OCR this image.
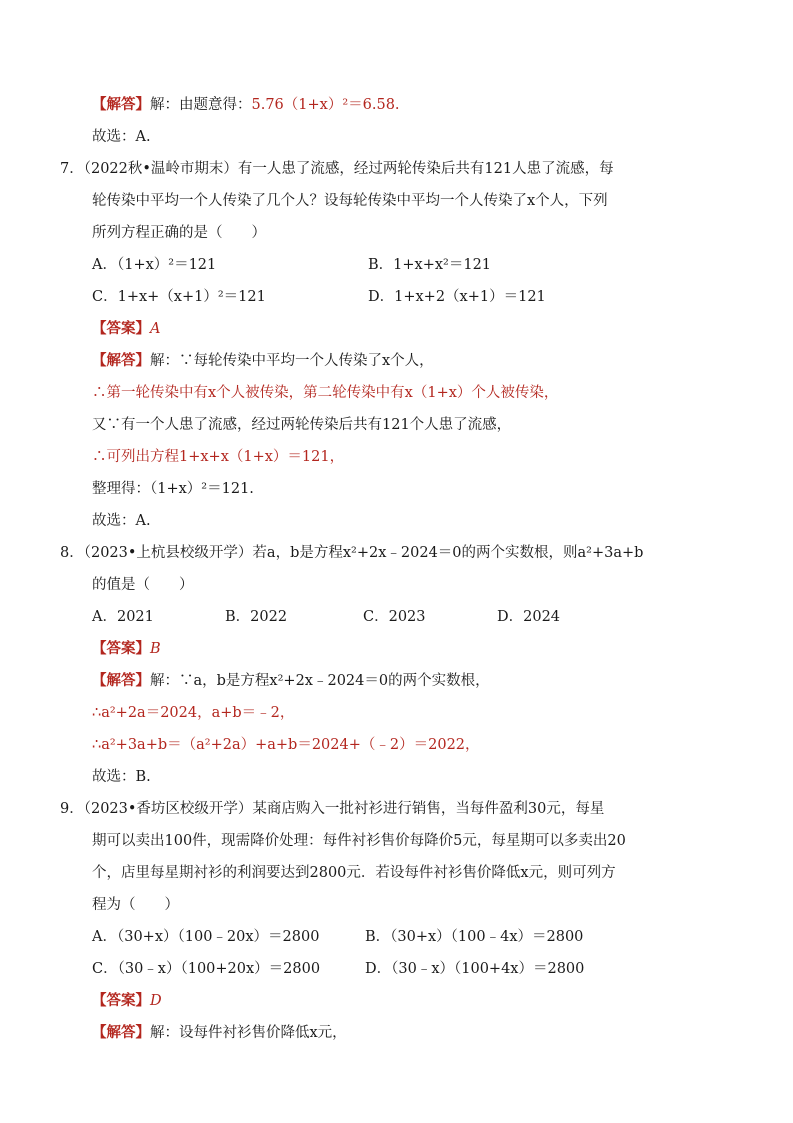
【解答】解：由题意得：5.76（1+x）²＝6.58.
故选：A.
7．（2022秋•温岭市期末）有一人患了流感，经过两轮传染后共有121人患了流感，每
轮传染中平均一个人传染了几个人？设每轮传染中平均一个人传染了x个人，下列
所列方程正确的是（　　）
A．（1+x）²＝121	B．1+x+x²＝121
C．1+x+（x+1）²＝121	D．1+x+2（x+1）＝121
【答案】A
【解答】解：∵每轮传染中平均一个人传染了x个人，
∴第一轮传染中有x个人被传染，第二轮传染中有x（1+x）个人被传染，
又∵有一个人患了流感，经过两轮传染后共有121个人患了流感，
∴可列出方程1+x+x（1+x）＝121，
整理得：（1+x）²＝121.
故选：A.
8．（2023•上杭县校级开学）若a，b是方程x²+2x﹣2024＝0的两个实数根，则a²+3a+b
的值是（　　）
A．2021	B．2022	C．2023	D．2024
【答案】B
【解答】解：∵a，b是方程x²+2x﹣2024＝0的两个实数根，
∴a²+2a＝2024，a+b＝﹣2，
∴a²+3a+b＝（a²+2a）+a+b＝2024+（﹣2）＝2022，
故选：B.
9．（2023•香坊区校级开学）某商店购入一批衬衫进行销售，当每件盈利30元，每星
期可以卖出100件，现需降价处理：每件衬衫售价每降价5元，每星期可以多卖出20
个，店里每星期衬衫的利润要达到2800元．若设每件衬衫售价降低x元，则可列方
程为（　　）
A．（30+x）（100﹣20x）＝2800	B．（30+x）（100﹣4x）＝2800
C．（30﹣x）（100+20x）＝2800	D．（30﹣x）（100+4x）＝2800
【答案】D
【解答】解：设每件衬衫售价降低x元，
